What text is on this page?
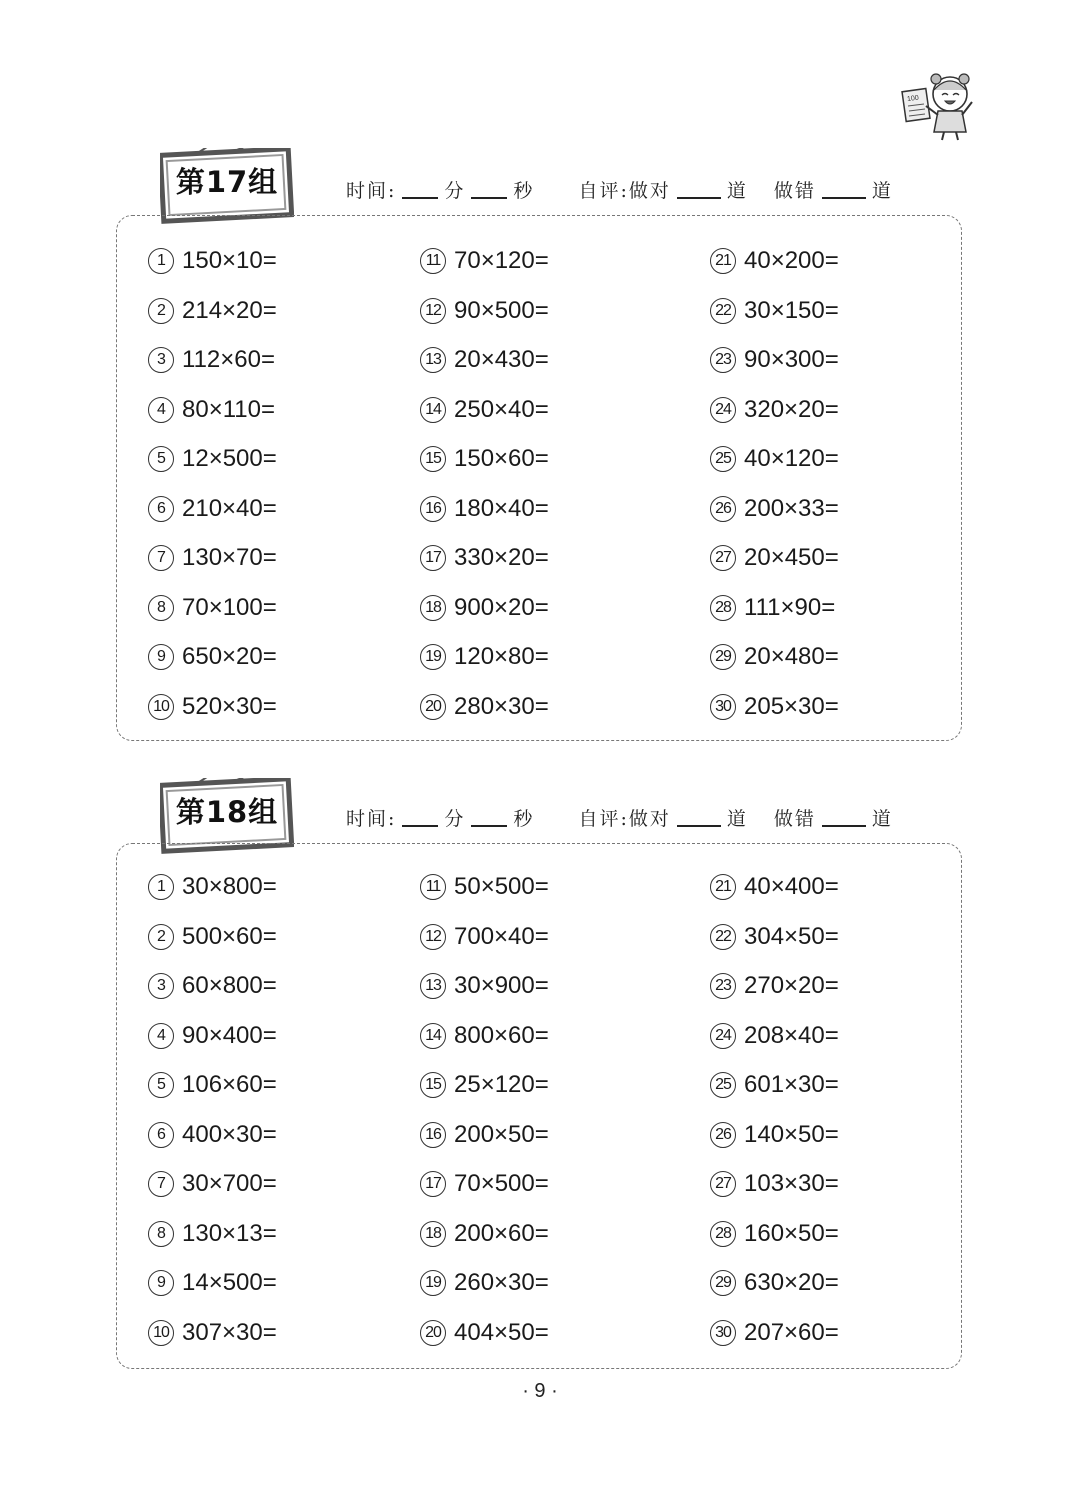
100
第17组	时间:	分	秒 自评:做对	道 做错	道
1 150×10=
2 214×20=
3 112×60=
4 80×110=
5 12×500=
6 210×40=
7 130×70=
8 70×100=
9 650×20=
10 520×30=
11 70×120=
12 90×500=
13 20×430=
14 250×40=
15 150×60=
16 180×40=
17 330×20=
18 900×20=
19 120×80=
20 280×30=
21 40×200=
22 30×150=
23 90×300=
24 320×20=
25 40×120=
26 200×33=
27 20×450=
28 111×90=
29 20×480=
30 205×30=
第18组	时间:	分	秒 自评:做对	道 做错	道
1 30×800=
2 500×60=
3 60×800=
4 90×400=
5 106×60=
6 400×30=
7 30×700=
8 130×13=
9 14×500=
10 307×30=
11 50×500=
12 700×40=
13 30×900=
14 800×60=
15 25×120=
16 200×50=
17 70×500=
18 200×60=
19 260×30=
20 404×50=
21 40×400=
22 304×50=
23 270×20=
24 208×40=
25 601×30=
26 140×50=
27 103×30=
28 160×50=
29 630×20=
30 207×60=
· 9 ·
